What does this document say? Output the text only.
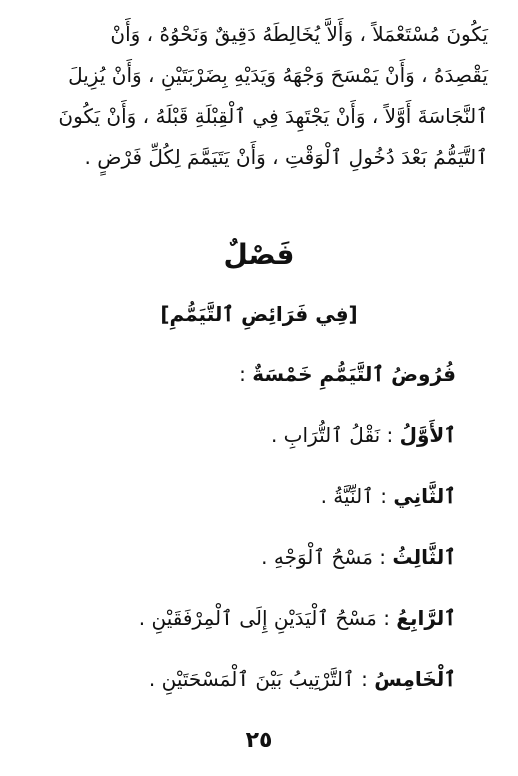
يَكُونَ مُسْتَعْمَلاً ، وَأَلاَّ يُخَالِطَهُ دَقِيقٌ وَنَحْوُهُ ، وَأَنْ
يَقْصِدَهُ ، وَأَنْ يَمْسَحَ وَجْهَهُ وَيَدَيْهِ بِضَرْبَتَيْنِ ، وَأَنْ يُزِيلَ
ٱلنَّجَاسَةَ أَوَّلاً ، وَأَنْ يَجْتَهِدَ فِي ٱلْقِبْلَةِ قَبْلَهُ ، وَأَنْ يَكُونَ
ٱلتَّيَمُّمُ بَعْدَ دُخُولِ ٱلْوَقْتِ ، وَأَنْ يَتَيَمَّمَ لِكُلِّ فَرْضٍ .
فَصْلٌ
[فِي فَرَائِضِ ٱلتَّيَمُّمِ]
فُرُوضُ ٱلتَّيَمُّمِ خَمْسَةٌ :
ٱلأَوَّلُ : نَقْلُ ٱلتُّرَابِ .
ٱلثَّانِي : ٱلنِّيَّةُ .
ٱلثَّالِثُ : مَسْحُ ٱلْوَجْهِ .
ٱلرَّابِعُ : مَسْحُ ٱلْيَدَيْنِ إِلَى ٱلْمِرْفَقَيْنِ .
ٱلْخَامِسُ : ٱلتَّرْتِيبُ بَيْنَ ٱلْمَسْحَتَيْنِ .
٢٥
